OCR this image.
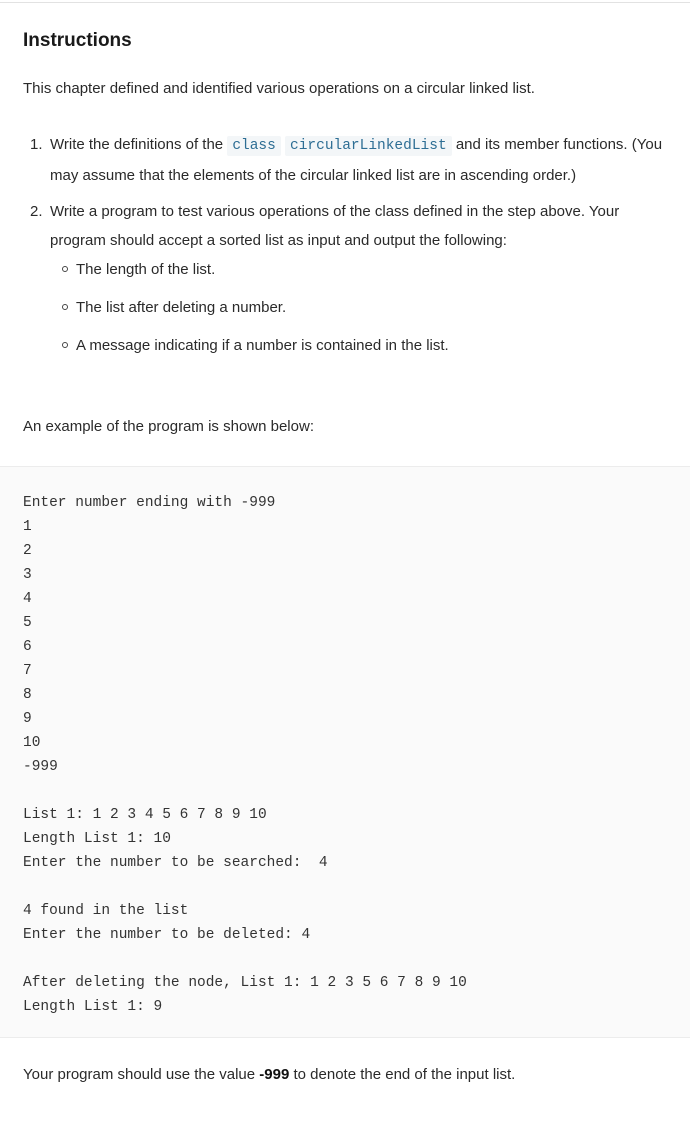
Instructions
This chapter defined and identified various operations on a circular linked list.
1. Write the definitions of the class circularLinkedList and its member functions. (You may assume that the elements of the circular linked list are in ascending order.)
2. Write a program to test various operations of the class defined in the step above. Your program should accept a sorted list as input and output the following:
The length of the list.
The list after deleting a number.
A message indicating if a number is contained in the list.
An example of the program is shown below:
Enter number ending with -999
1
2
3
4
5
6
7
8
9
10
-999

List 1: 1 2 3 4 5 6 7 8 9 10
Length List 1: 10
Enter the number to be searched:  4

4 found in the list
Enter the number to be deleted: 4

After deleting the node, List 1: 1 2 3 5 6 7 8 9 10
Length List 1: 9
Your program should use the value -999 to denote the end of the input list.
